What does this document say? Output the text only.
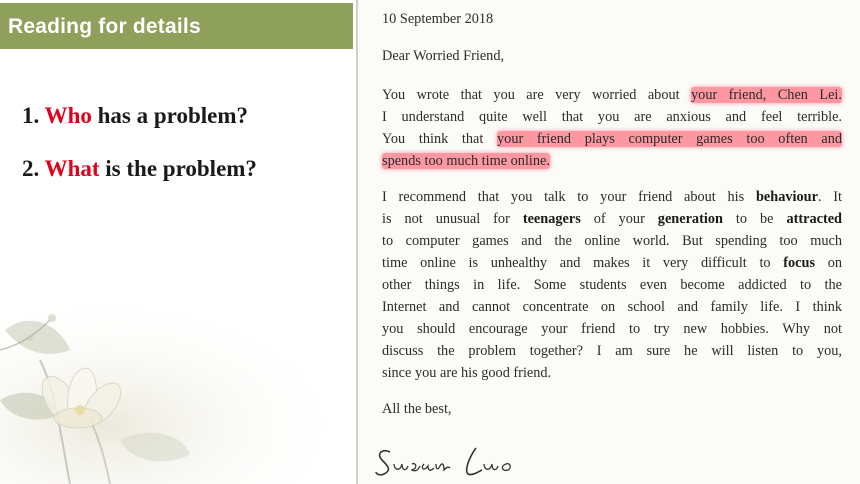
Reading for details
1. Who has a problem?
2. What is the problem?
10 September 2018
Dear Worried Friend,
You wrote that you are very worried about your friend, Chen Lei.
I understand quite well that you are anxious and feel terrible.
You think that your friend plays computer games too often and
spends too much time online.
I recommend that you talk to your friend about his behaviour. It
is not unusual for teenagers of your generation to be attracted
to computer games and the online world. But spending too much
time online is unhealthy and makes it very difficult to focus on
other things in life. Some students even become addicted to the
Internet and cannot concentrate on school and family life. I think
you should encourage your friend to try new hobbies. Why not
discuss the problem together? I am sure he will listen to you,
since you are his good friend.
All the best,
